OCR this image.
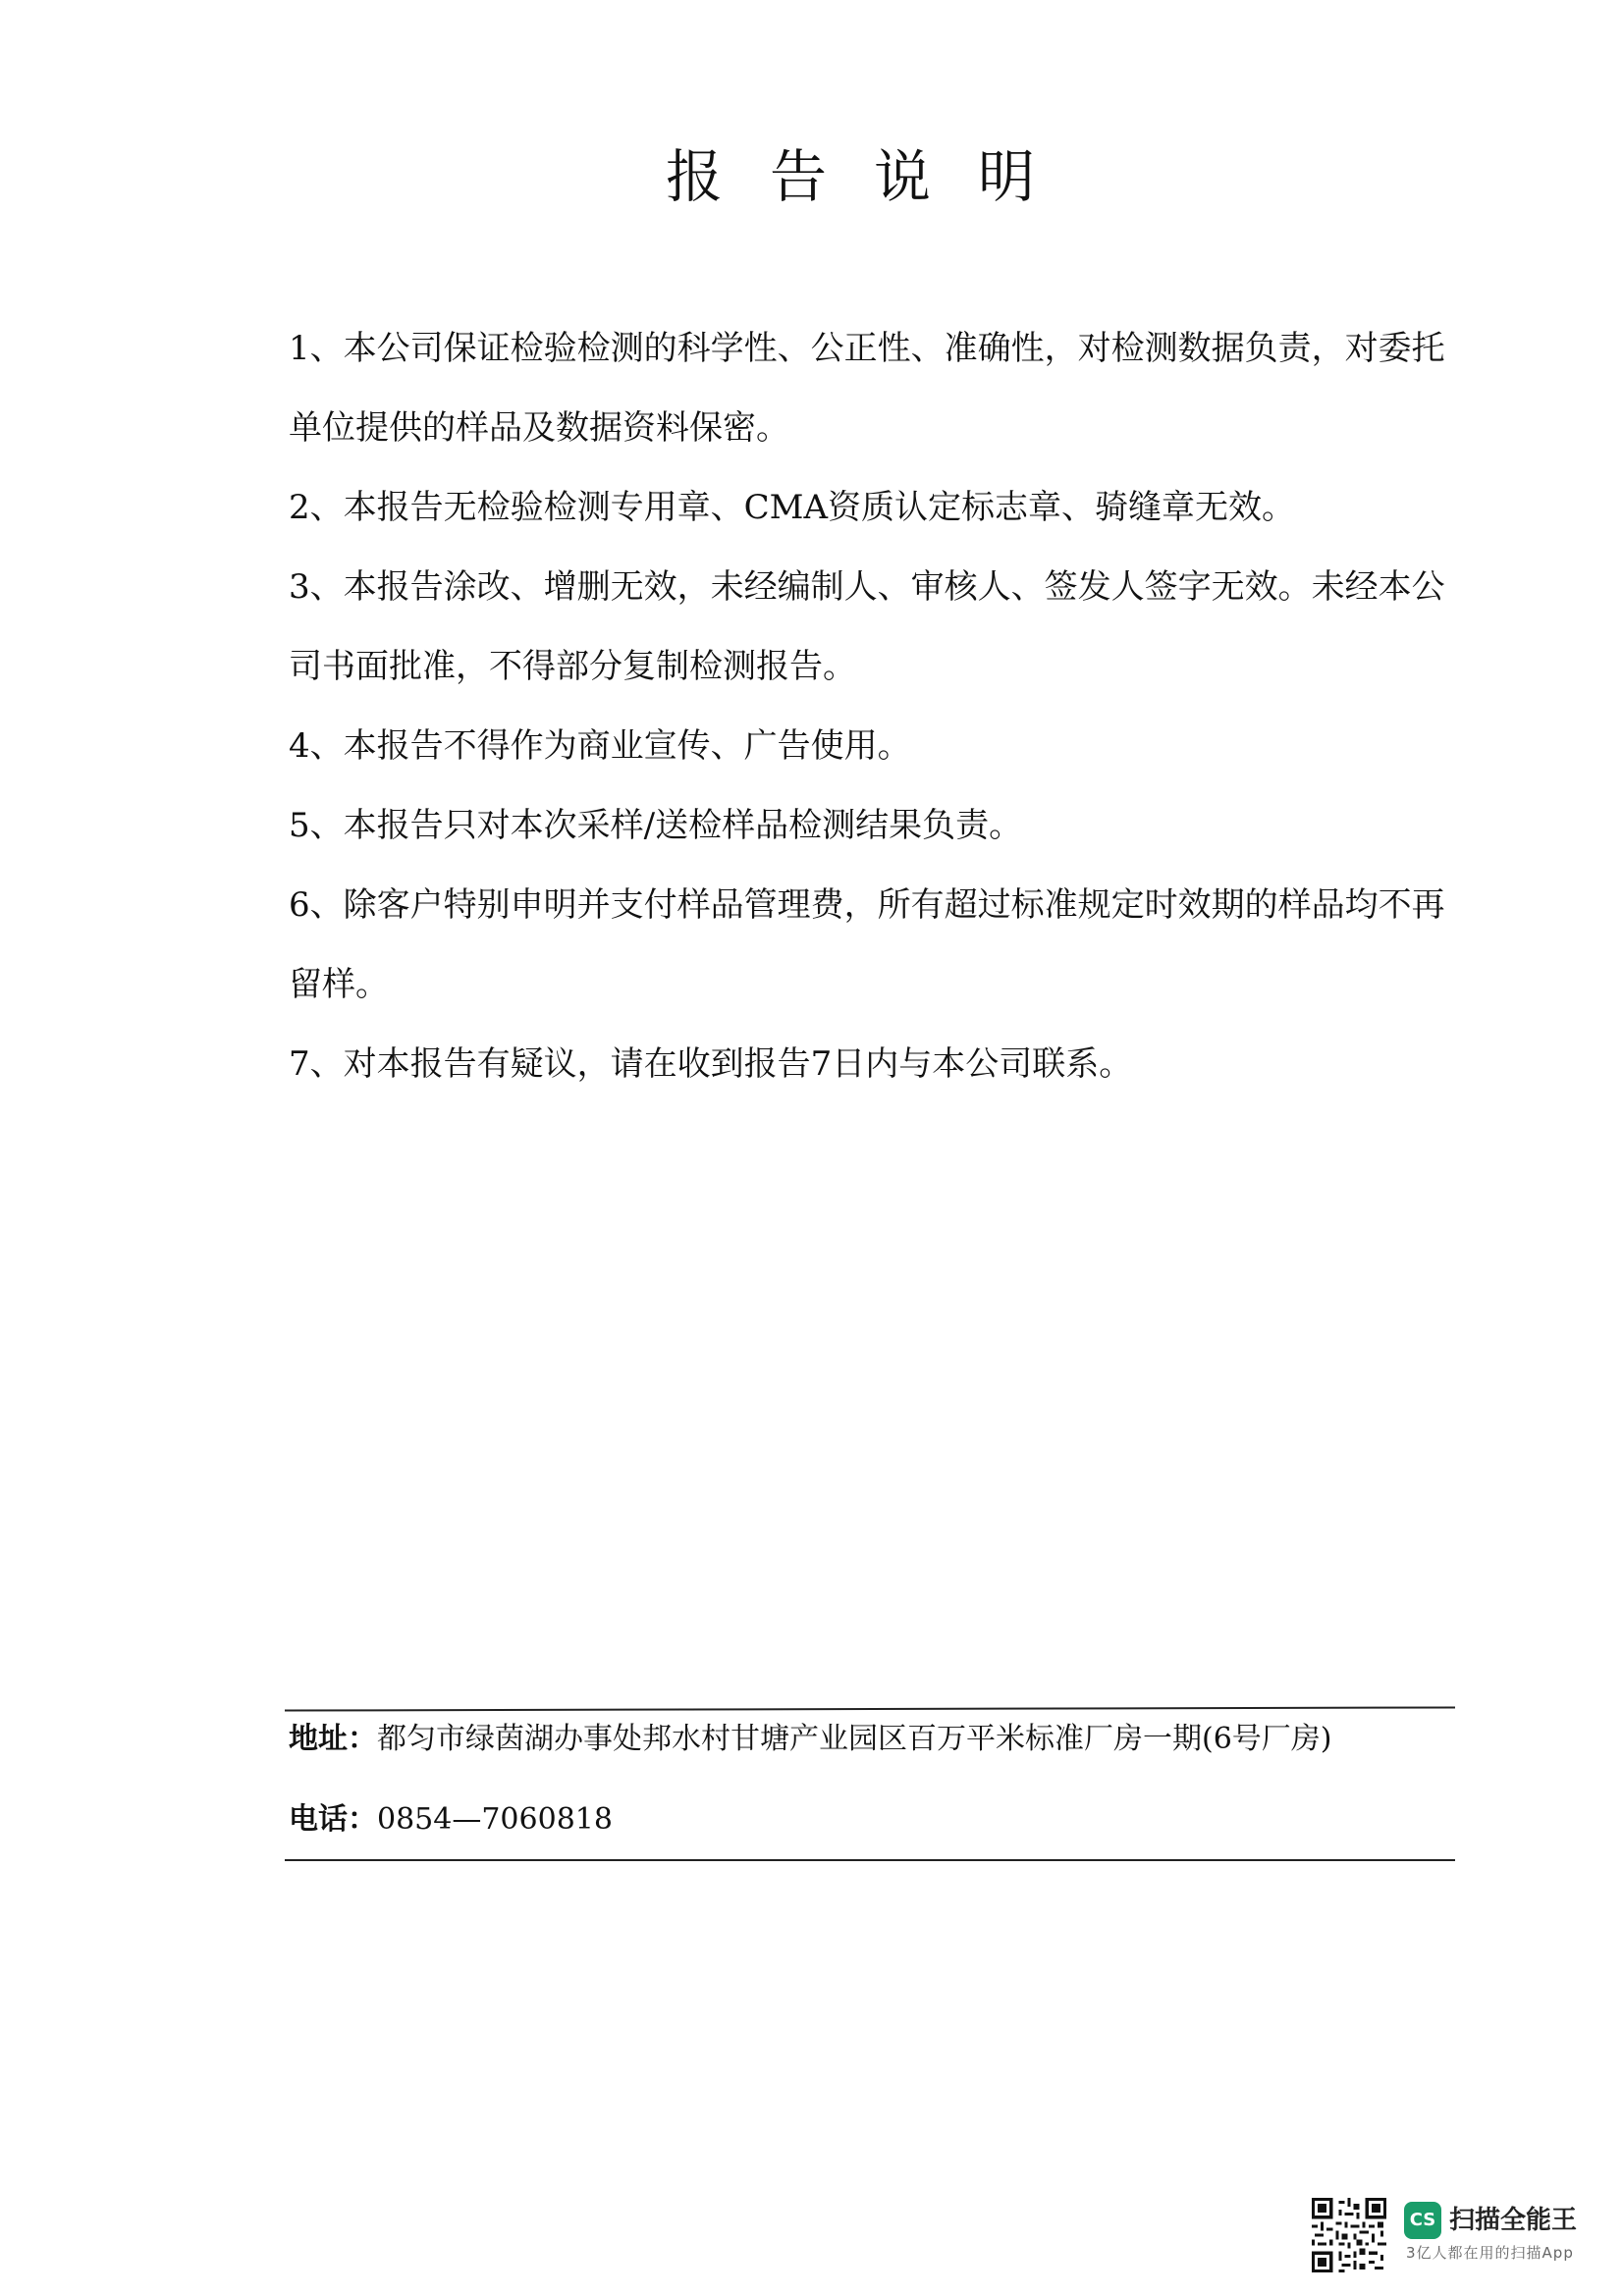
报告说明

1、本公司保证检验检测的科学性、公正性、准确性，对检测数据负责，对委托单位提供的样品及数据资料保密。

2、本报告无检验检测专用章、CMA资质认定标志章、骑缝章无效。

3、本报告涂改、增删无效，未经编制人、审核人、签发人签字无效。未经本公司书面批准，不得部分复制检测报告。

4、本报告不得作为商业宣传、广告使用。

5、本报告只对本次采样/送检样品检测结果负责。

6、除客户特别申明并支付样品管理费，所有超过标准规定时效期的样品均不再留样。

7、对本报告有疑议，请在收到报告7日内与本公司联系。

地址：都匀市绿茵湖办事处邦水村甘塘产业园区百万平米标准厂房一期(6号厂房)
电话：0854—7060818
CS 扫描全能王
3亿人都在用的扫描App
